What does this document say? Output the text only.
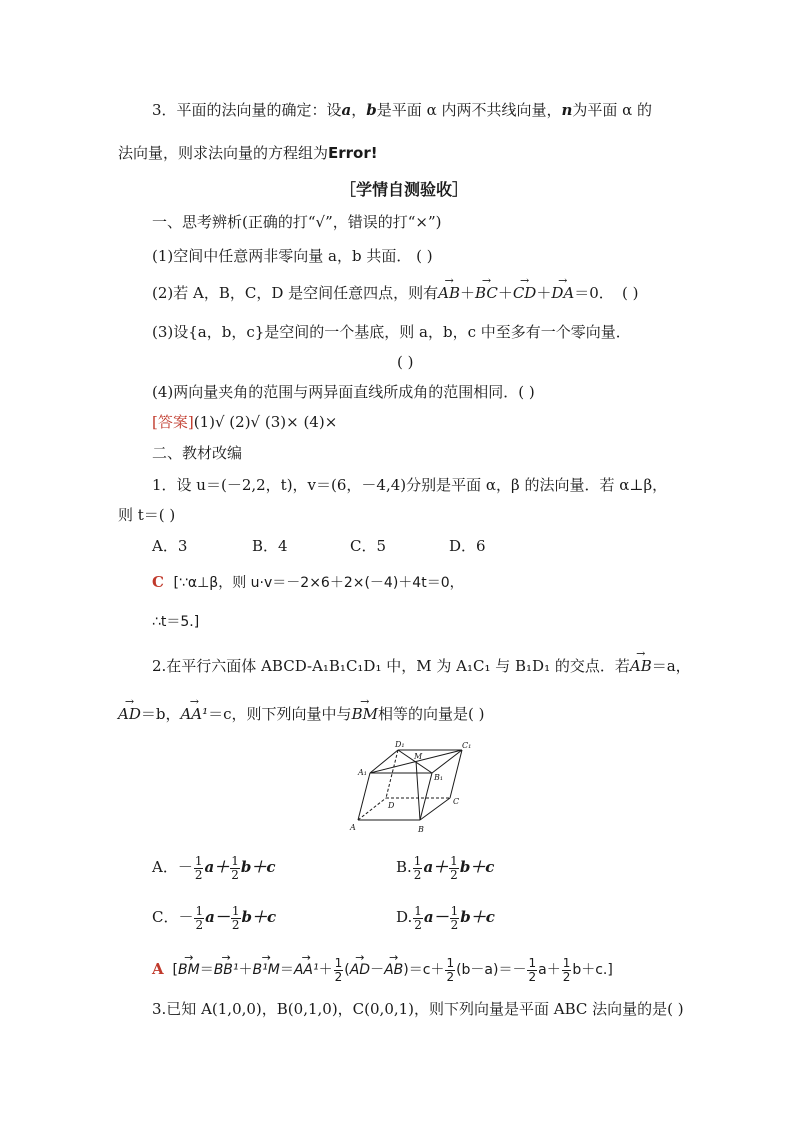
3．平面的法向量的确定：设a，b是平面 α 内两不共线向量，n为平面 α 的
法向量，则求法向量的方程组为Error!
［学情自测验收］
一、思考辨析(正确的打“√”，错误的打“×”)
(1)空间中任意两非零向量 a，b 共面． ( )
(2)若 A，B，C，D 是空间任意四点，则有→ AB＋→ BC＋→ CD＋→ DA＝0． ( )
(3)设{a，b，c}是空间的一个基底，则 a，b，c 中至多有一个零向量．
( )
(4)两向量夹角的范围与两异面直线所成角的范围相同．( )
[答案](1)√ (2)√ (3)× (4)×
二、教材改编
1．设 u＝(－2,2，t)，v＝(6，－4,4)分别是平面 α，β 的法向量．若 α⊥β，
则 t＝( )
A．3	B．4	C．5	D．6
C [∵α⊥β，则 u·v＝－2×6＋2×(－4)＋4t＝0，
∴t＝5.]
2.在平行六面体 ABCD-A₁B₁C₁D₁ 中，M 为 A₁C₁ 与 B₁D₁ 的交点．若→ AB＝a，
→ AD＝b，→ AA¹＝c，则下列向量中与→ BM相等的向量是( )
A	B
C
D
A₁
B₁
C₁
D₁
M
A．－ $\frac{1}{2} a+ \frac{1}{2} b+c$	B. $\frac{1}{2} a+ \frac{1}{2} b+c$
C．－ $\frac{1}{2} a- \frac{1}{2} b+c$	D. $\frac{1}{2} a- \frac{1}{2} b+c$
A  [→ $BM=\to BB^1+\to B^1M=\to AA^1+ \frac{1}{2}$ (→ $AD-\to AB)=c+ \frac{1}{2} (b-a)=- \frac{1}{2} a+ \frac{1}{2} b+c$.]
3.已知 A(1,0,0)，B(0,1,0)，C(0,0,1)，则下列向量是平面 ABC 法向量的是( )
